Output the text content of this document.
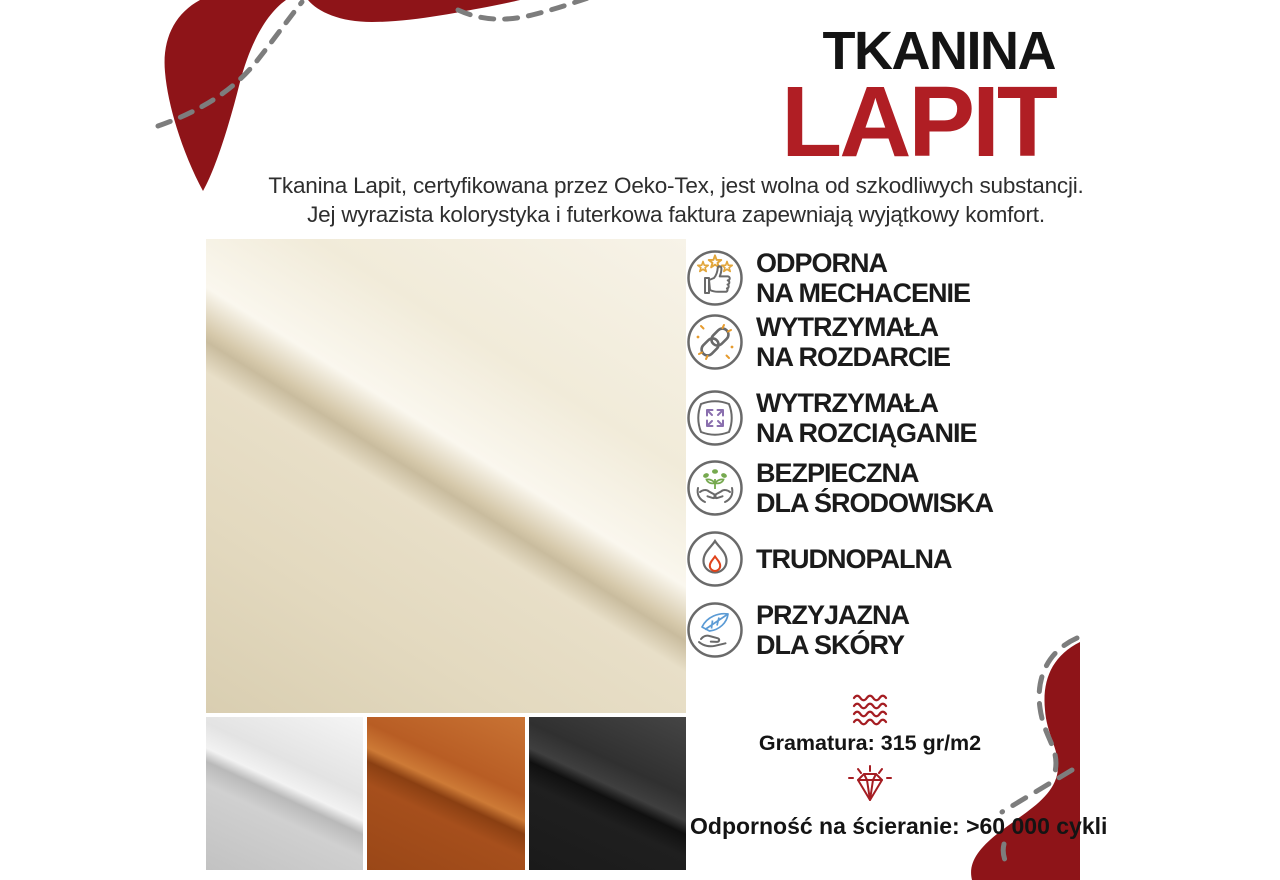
TKANINA
LAPIT
Tkanina Lapit, certyfikowana przez Oeko-Tex, jest wolna od szkodliwych substancji.
Jej wyrazista kolorystyka i futerkowa faktura zapewniają wyjątkowy komfort.
ODPORNA
NA MECHACENIE
WYTRZYMAŁA
NA ROZDARCIE
WYTRZYMAŁA
NA ROZCIĄGANIE
BEZPIECZNA
DLA ŚRODOWISKA
TRUDNOPALNA
PRZYJAZNA
DLA SKÓRY
Gramatura: 315 gr/m2
Odporność na ścieranie: >60 000 cykli
